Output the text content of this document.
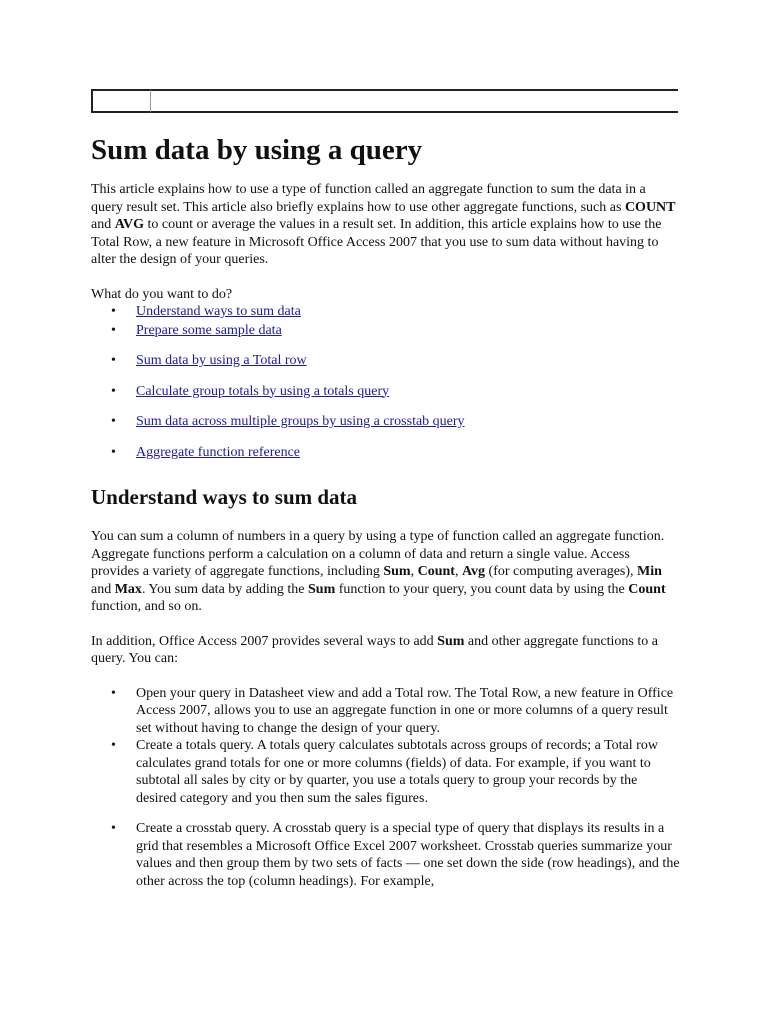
Sum data by using a query

This article explains how to use a type of function called an aggregate function to sum the data in a query result set. This article also briefly explains how to use other aggregate functions, such as COUNT and AVG to count or average the values in a result set. In addition, this article explains how to use the Total Row, a new feature in Microsoft Office Access 2007 that you use to sum data without having to alter the design of your queries.

What do you want to do?

• Understand ways to sum data
• Prepare some sample data
• Sum data by using a Total row
• Calculate group totals by using a totals query
• Sum data across multiple groups by using a crosstab query
• Aggregate function reference
Understand ways to sum data

You can sum a column of numbers in a query by using a type of function called an aggregate function. Aggregate functions perform a calculation on a column of data and return a single value. Access provides a variety of aggregate functions, including Sum, Count, Avg (for computing averages), Min and Max. You sum data by adding the Sum function to your query, you count data by using the Count function, and so on.

In addition, Office Access 2007 provides several ways to add Sum and other aggregate functions to a query. You can:

• Open your query in Datasheet view and add a Total row. The Total Row, a new feature in Office Access 2007, allows you to use an aggregate function in one or more columns of a query result set without having to change the design of your query.
• Create a totals query. A totals query calculates subtotals across groups of records; a Total row calculates grand totals for one or more columns (fields) of data. For example, if you want to subtotal all sales by city or by quarter, you use a totals query to group your records by the desired category and you then sum the sales figures.
• Create a crosstab query. A crosstab query is a special type of query that displays its results in a grid that resembles a Microsoft Office Excel 2007 worksheet. Crosstab queries summarize your values and then group them by two sets of facts — one set down the side (row headings), and the other across the top (column headings). For example,
